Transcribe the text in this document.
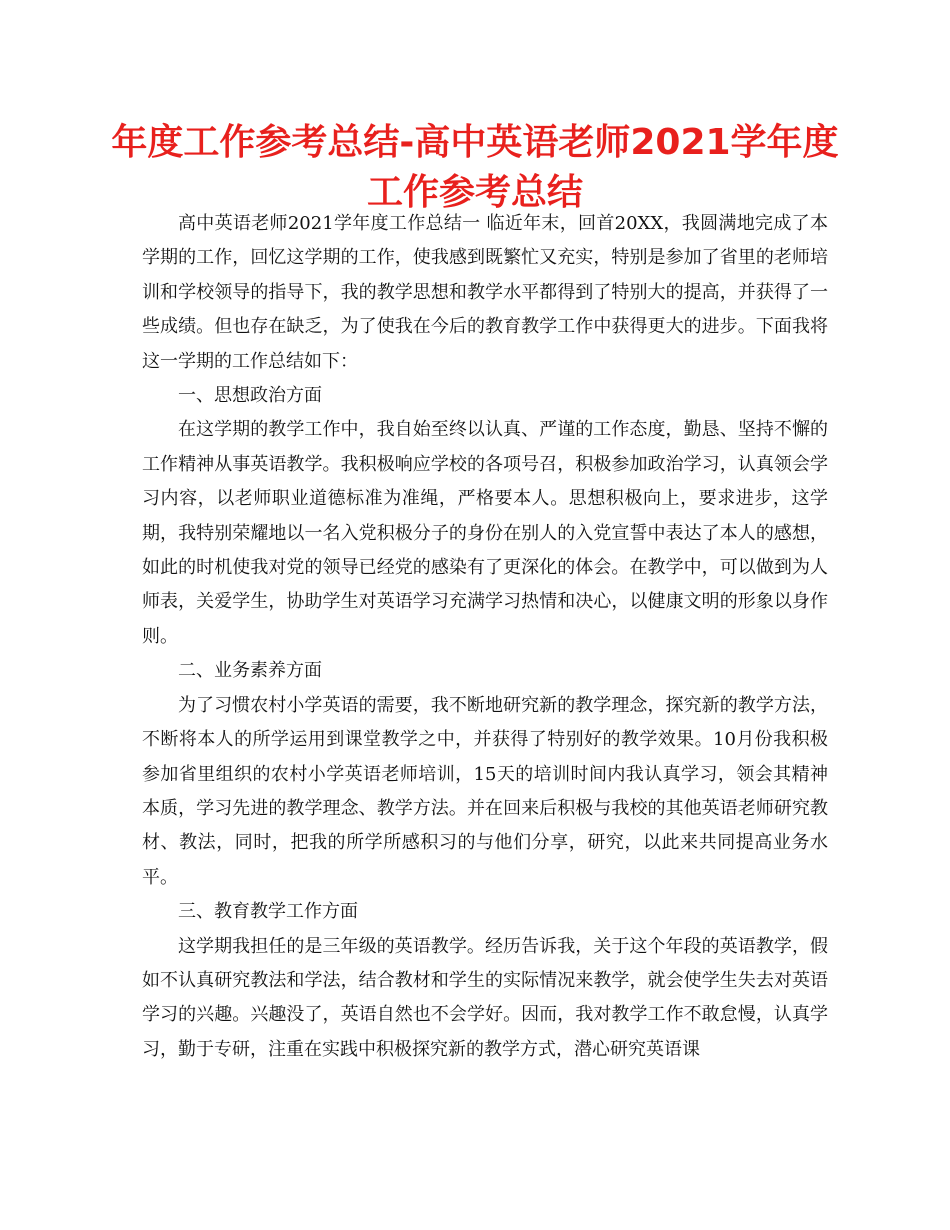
年度工作参考总结-高中英语老师2021学年度工作参考总结

高中英语老师2021学年度工作总结一 临近年末，回首20XX，我圆满地完成了本学期的工作，回忆这学期的工作，使我感到既繁忙又充实，特别是参加了省里的老师培训和学校领导的指导下，我的教学思想和教学水平都得到了特别大的提高，并获得了一些成绩。但也存在缺乏，为了使我在今后的教育教学工作中获得更大的进步。下面我将这一学期的工作总结如下：

一、思想政治方面

在这学期的教学工作中，我自始至终以认真、严谨的工作态度，勤恳、坚持不懈的工作精神从事英语教学。我积极响应学校的各项号召，积极参加政治学习，认真领会学习内容，以老师职业道德标准为准绳，严格要本人。思想积极向上，要求进步，这学期，我特别荣耀地以一名入党积极分子的身份在别人的入党宣誓中表达了本人的感想，如此的时机使我对党的领导已经党的感染有了更深化的体会。在教学中，可以做到为人师表，关爱学生，协助学生对英语学习充满学习热情和决心，以健康文明的形象以身作则。

二、业务素养方面

为了习惯农村小学英语的需要，我不断地研究新的教学理念，探究新的教学方法，不断将本人的所学运用到课堂教学之中，并获得了特别好的教学效果。10月份我积极参加省里组织的农村小学英语老师培训，15天的培训时间内我认真学习，领会其精神本质，学习先进的教学理念、教学方法。并在回来后积极与我校的其他英语老师研究教材、教法，同时，把我的所学所感积习的与他们分享，研究，以此来共同提高业务水平。

三、教育教学工作方面

这学期我担任的是三年级的英语教学。经历告诉我，关于这个年段的英语教学，假如不认真研究教法和学法，结合教材和学生的实际情况来教学，就会使学生失去对英语学习的兴趣。兴趣没了，英语自然也不会学好。因而，我对教学工作不敢怠慢，认真学习，勤于专研，注重在实践中积极探究新的教学方式，潜心研究英语课
